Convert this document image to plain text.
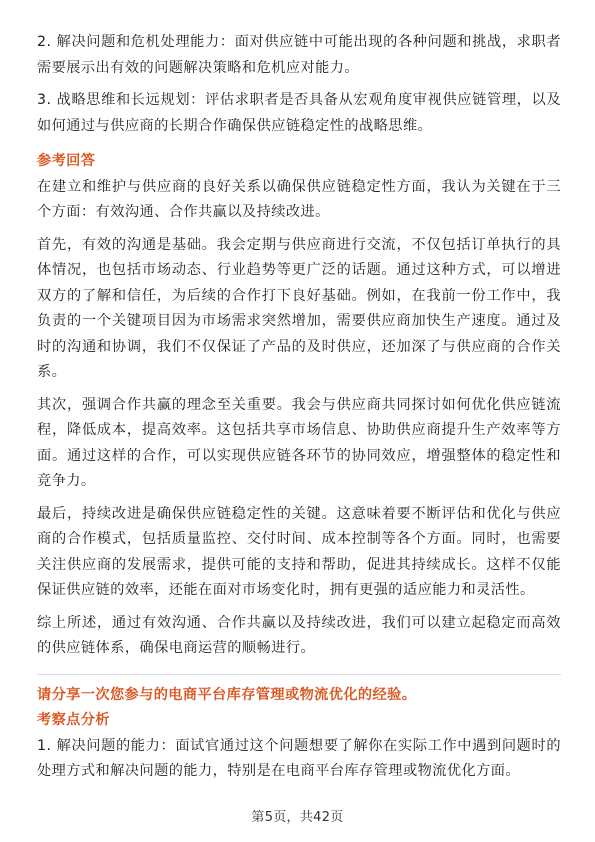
2. 解决问题和危机处理能力：面对供应链中可能出现的各种问题和挑战，求职者需要展示出有效的问题解决策略和危机应对能力。

3. 战略思维和长远规划：评估求职者是否具备从宏观角度审视供应链管理，以及如何通过与供应商的长期合作确保供应链稳定性的战略思维。

参考回答

在建立和维护与供应商的良好关系以确保供应链稳定性方面，我认为关键在于三个方面：有效沟通、合作共赢以及持续改进。

首先，有效的沟通是基础。我会定期与供应商进行交流，不仅包括订单执行的具体情况，也包括市场动态、行业趋势等更广泛的话题。通过这种方式，可以增进双方的了解和信任，为后续的合作打下良好基础。例如，在我前一份工作中，我负责的一个关键项目因为市场需求突然增加，需要供应商加快生产速度。通过及时的沟通和协调，我们不仅保证了产品的及时供应，还加深了与供应商的合作关系。

其次，强调合作共赢的理念至关重要。我会与供应商共同探讨如何优化供应链流程，降低成本，提高效率。这包括共享市场信息、协助供应商提升生产效率等方面。通过这样的合作，可以实现供应链各环节的协同效应，增强整体的稳定性和竞争力。

最后，持续改进是确保供应链稳定性的关键。这意味着要不断评估和优化与供应商的合作模式，包括质量监控、交付时间、成本控制等各个方面。同时，也需要关注供应商的发展需求，提供可能的支持和帮助，促进其持续成长。这样不仅能保证供应链的效率，还能在面对市场变化时，拥有更强的适应能力和灵活性。

综上所述，通过有效沟通、合作共赢以及持续改进，我们可以建立起稳定而高效的供应链体系，确保电商运营的顺畅进行。

请分享一次您参与的电商平台库存管理或物流优化的经验。

考察点分析

1. 解决问题的能力：面试官通过这个问题想要了解你在实际工作中遇到问题时的处理方式和解决问题的能力，特别是在电商平台库存管理或物流优化方面。

第5页，共42页
